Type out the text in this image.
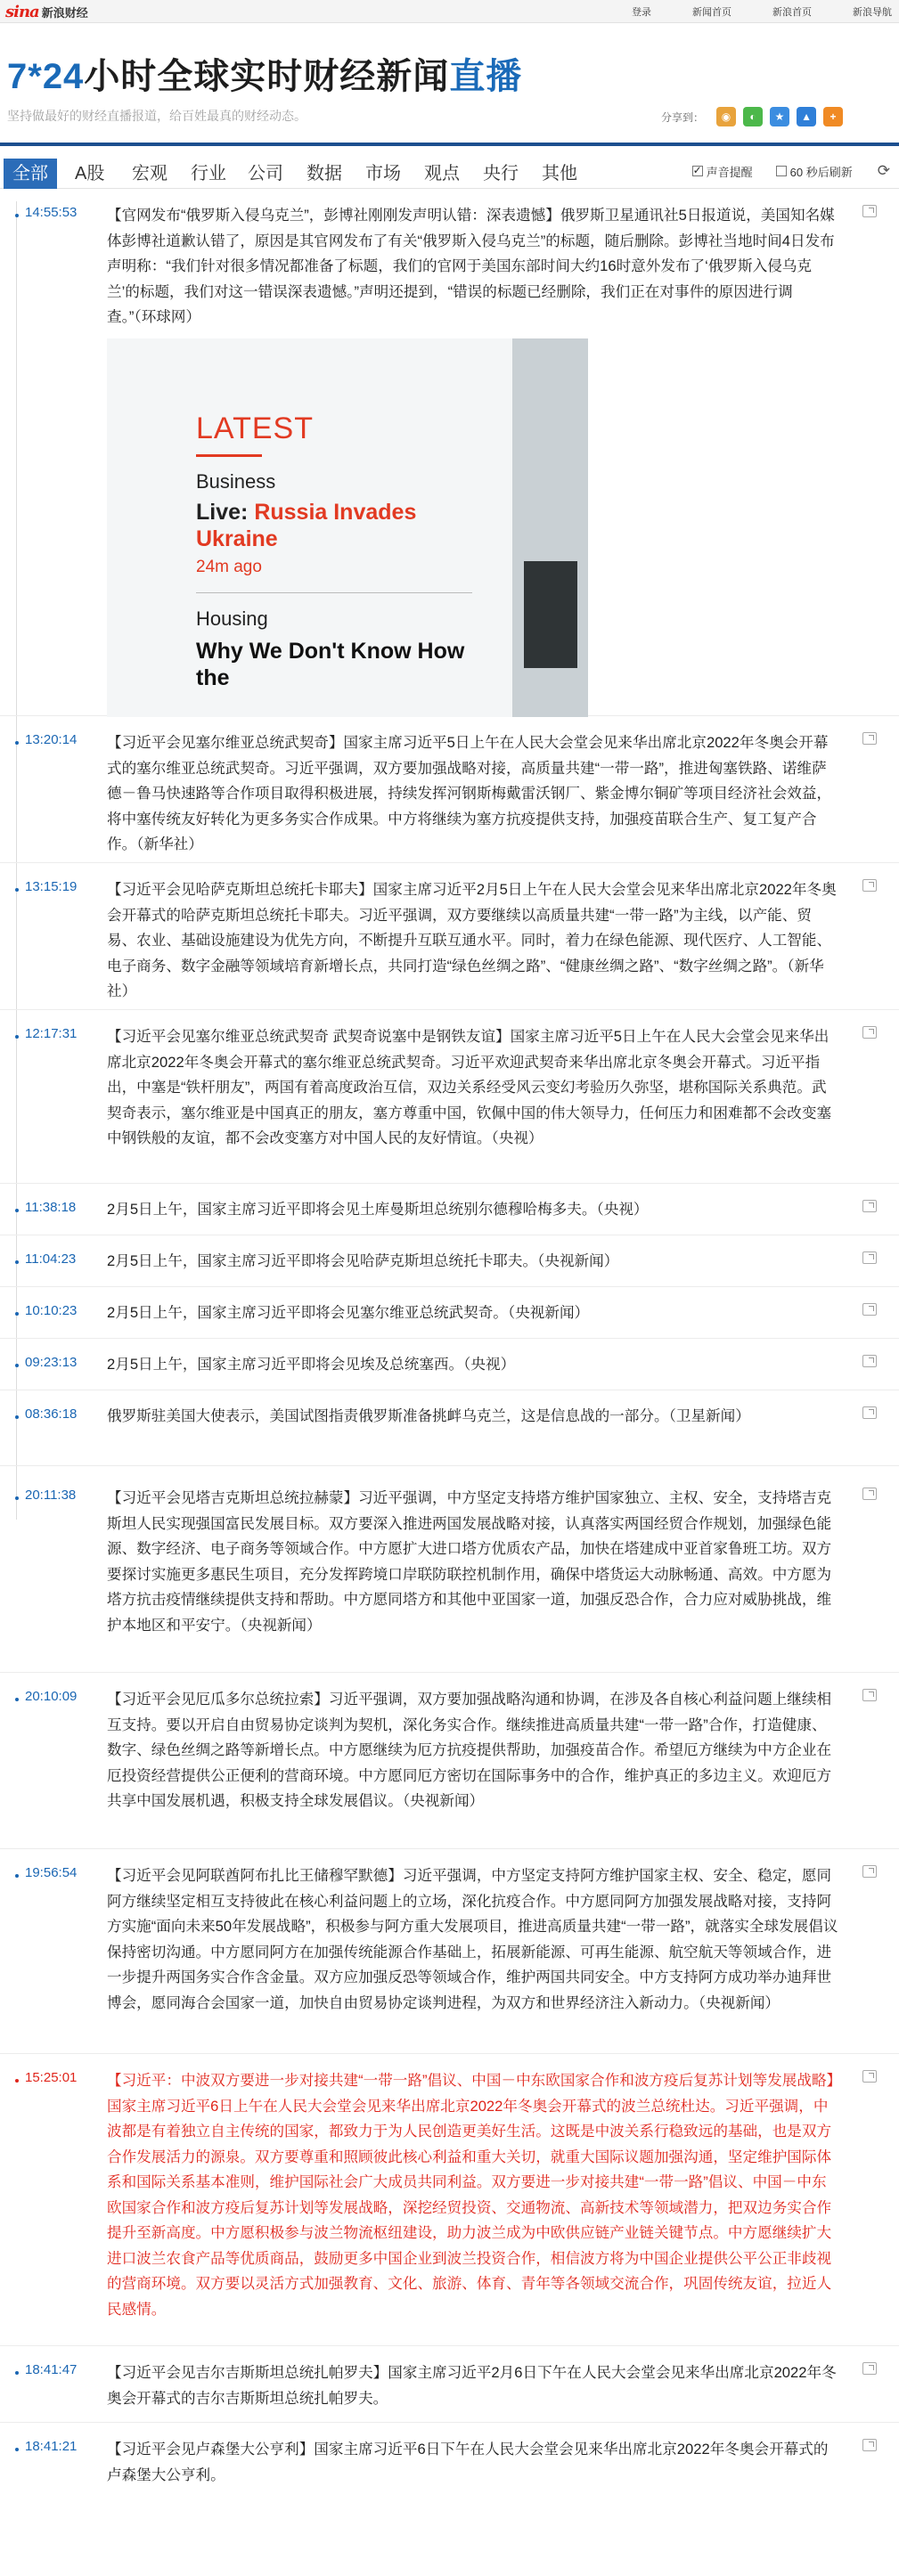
sina 新浪财经	登录	新闻首页	新浪首页	新浪导航
7*24小时全球实时财经新闻直播
坚持做最好的财经直播报道，给百姓最真的财经动态。	分享到：	◉	◐	★	▲	+
全部	A股 宏观 行业 公司 数据 市场 观点 央行 其他
✓	声音提醒	60 秒后刷新 ⟳
14:55:53 【官网发布“俄罗斯入侵乌克兰”，彭博社刚刚发声明认错：深表遗憾】俄罗斯卫星通讯社5日报道说，美国知名媒体彭博社道歉认错了，原因是其官网发布了有关“俄罗斯入侵乌克兰”的标题，随后删除。彭博社当地时间4日发布声明称：“我们针对很多情况都准备了标题，我们的官网于美国东部时间大约16时意外发布了‘俄罗斯入侵乌克兰’的标题，我们对这一错误深表遗憾。”声明还提到，“错误的标题已经删除，我们正在对事件的原因进行调查。”（环球网）
LATEST
Business
Live: Russia Invades Ukraine
24m ago
Housing
Why We Don't Know How the
13:20:14 【习近平会见塞尔维亚总统武契奇】国家主席习近平5日上午在人民大会堂会见来华出席北京2022年冬奥会开幕式的塞尔维亚总统武契奇。习近平强调，双方要加强战略对接，高质量共建“一带一路”，推进匈塞铁路、诺维萨德－鲁马快速路等合作项目取得积极进展，持续发挥河钢斯梅戴雷沃钢厂、紫金博尔铜矿等项目经济社会效益，将中塞传统友好转化为更多务实合作成果。中方将继续为塞方抗疫提供支持，加强疫苗联合生产、复工复产合作。（新华社）
13:15:19 【习近平会见哈萨克斯坦总统托卡耶夫】国家主席习近平2月5日上午在人民大会堂会见来华出席北京2022年冬奥会开幕式的哈萨克斯坦总统托卡耶夫。习近平强调，双方要继续以高质量共建“一带一路”为主线，以产能、贸易、农业、基础设施建设为优先方向，不断提升互联互通水平。同时，着力在绿色能源、现代医疗、人工智能、电子商务、数字金融等领域培育新增长点，共同打造“绿色丝绸之路”、“健康丝绸之路”、“数字丝绸之路”。（新华社）
12:17:31 【习近平会见塞尔维亚总统武契奇 武契奇说塞中是钢铁友谊】国家主席习近平5日上午在人民大会堂会见来华出席北京2022年冬奥会开幕式的塞尔维亚总统武契奇。习近平欢迎武契奇来华出席北京冬奥会开幕式。习近平指出，中塞是“铁杆朋友”，两国有着高度政治互信，双边关系经受风云变幻考验历久弥坚，堪称国际关系典范。武契奇表示，塞尔维亚是中国真正的朋友，塞方尊重中国，钦佩中国的伟大领导力，任何压力和困难都不会改变塞中钢铁般的友谊，都不会改变塞方对中国人民的友好情谊。（央视）
11:38:18 2月5日上午，国家主席习近平即将会见土库曼斯坦总统别尔德穆哈梅多夫。（央视）
11:04:23 2月5日上午，国家主席习近平即将会见哈萨克斯坦总统托卡耶夫。（央视新闻）
10:10:23 2月5日上午，国家主席习近平即将会见塞尔维亚总统武契奇。（央视新闻）
09:23:13 2月5日上午，国家主席习近平即将会见埃及总统塞西。（央视）
08:36:18 俄罗斯驻美国大使表示，美国试图指责俄罗斯准备挑衅乌克兰，这是信息战的一部分。（卫星新闻）
20:11:38 【习近平会见塔吉克斯坦总统拉赫蒙】习近平强调，中方坚定支持塔方维护国家独立、主权、安全，支持塔吉克斯坦人民实现强国富民发展目标。双方要深入推进两国发展战略对接，认真落实两国经贸合作规划，加强绿色能源、数字经济、电子商务等领域合作。中方愿扩大进口塔方优质农产品，加快在塔建成中亚首家鲁班工坊。双方要探讨实施更多惠民生项目，充分发挥跨境口岸联防联控机制作用，确保中塔货运大动脉畅通、高效。中方愿为塔方抗击疫情继续提供支持和帮助。中方愿同塔方和其他中亚国家一道，加强反恐合作，合力应对威胁挑战，维护本地区和平安宁。（央视新闻）
20:10:09 【习近平会见厄瓜多尔总统拉索】习近平强调，双方要加强战略沟通和协调，在涉及各自核心利益问题上继续相互支持。要以开启自由贸易协定谈判为契机，深化务实合作。继续推进高质量共建“一带一路”合作，打造健康、数字、绿色丝绸之路等新增长点。中方愿继续为厄方抗疫提供帮助，加强疫苗合作。希望厄方继续为中方企业在厄投资经营提供公正便利的营商环境。中方愿同厄方密切在国际事务中的合作，维护真正的多边主义。欢迎厄方共享中国发展机遇，积极支持全球发展倡议。（央视新闻）
19:56:54 【习近平会见阿联酋阿布扎比王储穆罕默德】习近平强调，中方坚定支持阿方维护国家主权、安全、稳定，愿同阿方继续坚定相互支持彼此在核心利益问题上的立场，深化抗疫合作。中方愿同阿方加强发展战略对接，支持阿方实施“面向未来50年发展战略”，积极参与阿方重大发展项目，推进高质量共建“一带一路”，就落实全球发展倡议保持密切沟通。中方愿同阿方在加强传统能源合作基础上，拓展新能源、可再生能源、航空航天等领域合作，进一步提升两国务实合作含金量。双方应加强反恐等领域合作，维护两国共同安全。中方支持阿方成功举办迪拜世博会，愿同海合会国家一道，加快自由贸易协定谈判进程，为双方和世界经济注入新动力。（央视新闻）
15:25:01 【习近平：中波双方要进一步对接共建“一带一路”倡议、中国－中东欧国家合作和波方疫后复苏计划等发展战略】国家主席习近平6日上午在人民大会堂会见来华出席北京2022年冬奥会开幕式的波兰总统杜达。习近平强调，中波都是有着独立自主传统的国家，都致力于为人民创造更美好生活。这既是中波关系行稳致远的基础，也是双方合作发展活力的源泉。双方要尊重和照顾彼此核心利益和重大关切，就重大国际议题加强沟通，坚定维护国际体系和国际关系基本准则，维护国际社会广大成员共同利益。双方要进一步对接共建“一带一路”倡议、中国－中东欧国家合作和波方疫后复苏计划等发展战略，深挖经贸投资、交通物流、高新技术等领域潜力，把双边务实合作提升至新高度。中方愿积极参与波兰物流枢纽建设，助力波兰成为中欧供应链产业链关键节点。中方愿继续扩大进口波兰农食产品等优质商品，鼓励更多中国企业到波兰投资合作，相信波方将为中国企业提供公平公正非歧视的营商环境。双方要以灵活方式加强教育、文化、旅游、体育、青年等各领域交流合作，巩固传统友谊，拉近人民感情。
18:41:47 【习近平会见吉尔吉斯斯坦总统扎帕罗夫】国家主席习近平2月6日下午在人民大会堂会见来华出席北京2022年冬奥会开幕式的吉尔吉斯斯坦总统扎帕罗夫。
18:41:21 【习近平会见卢森堡大公亨利】国家主席习近平6日下午在人民大会堂会见来华出席北京2022年冬奥会开幕式的卢森堡大公亨利。
